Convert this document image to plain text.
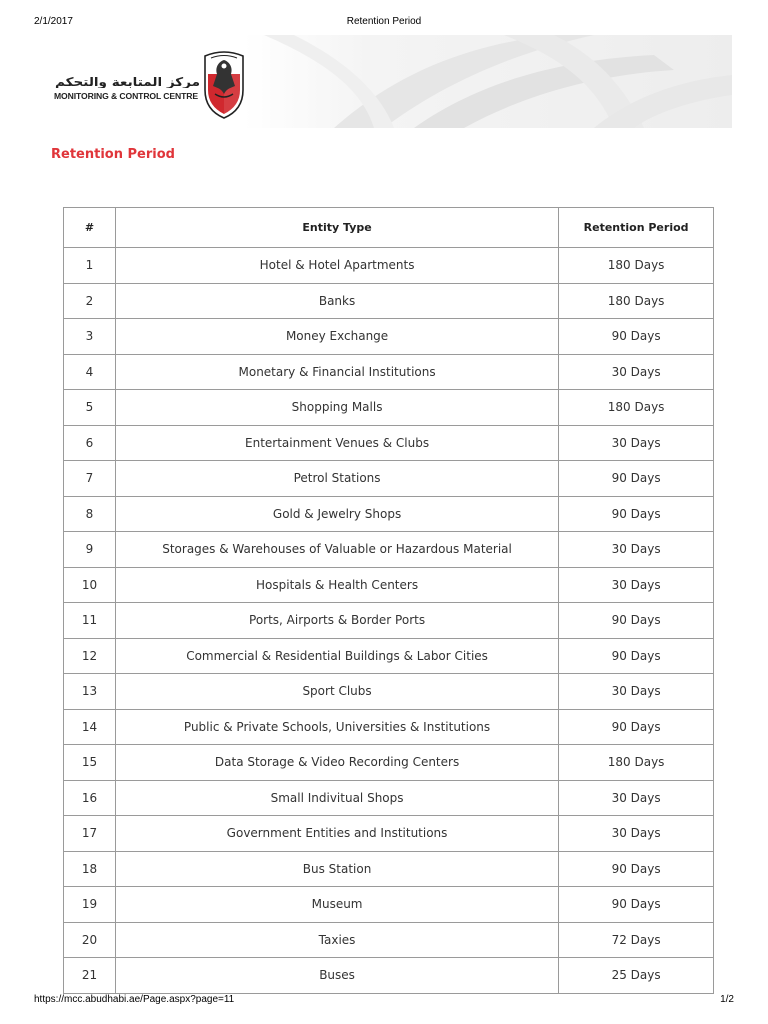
2/1/2017	Retention Period
مركز المتابعة والتحكم
MONITORING & CONTROL CENTRE
Retention Period
#	Entity Type	Retention Period
1	Hotel & Hotel Apartments	180 Days
2	Banks	180 Days
3	Money Exchange	90 Days
4	Monetary & Financial Institutions	30 Days
5	Shopping Malls	180 Days
6	Entertainment Venues & Clubs	30 Days
7	Petrol Stations	90 Days
8	Gold & Jewelry Shops	90 Days
9	Storages & Warehouses of Valuable or Hazardous Material	30 Days
10	Hospitals & Health Centers	30 Days
11	Ports, Airports & Border Ports	90 Days
12	Commercial & Residential Buildings & Labor Cities	90 Days
13	Sport Clubs	30 Days
14	Public & Private Schools, Universities & Institutions	90 Days
15	Data Storage & Video Recording Centers	180 Days
16	Small Indivitual Shops	30 Days
17	Government Entities and Institutions	30 Days
18	Bus Station	90 Days
19	Museum	90 Days
20	Taxies	72 Days
21	Buses	25 Days
https://mcc.abudhabi.ae/Page.aspx?page=11	1/2
